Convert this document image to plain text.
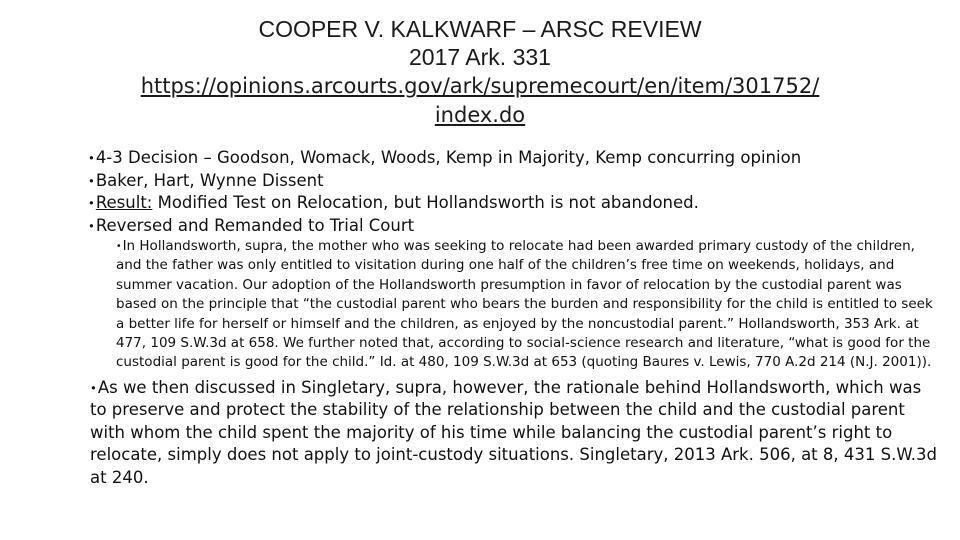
COOPER V. KALKWARF – ARSC REVIEW
2017 Ark. 331
https://opinions.arcourts.gov/ark/supremecourt/en/item/301752/
index.do

•4-3 Decision – Goodson, Womack, Woods, Kemp in Majority, Kemp concurring opinion

•Baker, Hart, Wynne Dissent

•Result: Modified Test on Relocation, but Hollandsworth is not abandoned.

•Reversed and Remanded to Trial Court

•In Hollandsworth, supra, the mother who was seeking to relocate had been awarded primary custody of the children, and the father was only entitled to visitation during one half of the children’s free time on weekends, holidays, and summer vacation. Our adoption of the Hollandsworth presumption in favor of relocation by the custodial parent was based on the principle that “the custodial parent who bears the burden and responsibility for the child is entitled to seek a better life for herself or himself and the children, as enjoyed by the noncustodial parent.” Hollandsworth, 353 Ark. at 477, 109 S.W.3d at 658. We further noted that, according to social-science research and literature, “what is good for the custodial parent is good for the child.” Id. at 480, 109 S.W.3d at 653 (quoting Baures v. Lewis, 770 A.2d 214 (N.J. 2001)).

•As we then discussed in Singletary, supra, however, the rationale behind Hollandsworth, which was to preserve and protect the stability of the relationship between the child and the custodial parent with whom the child spent the majority of his time while balancing the custodial parent’s right to relocate, simply does not apply to joint-custody situations. Singletary, 2013 Ark. 506, at 8, 431 S.W.3d at 240.
